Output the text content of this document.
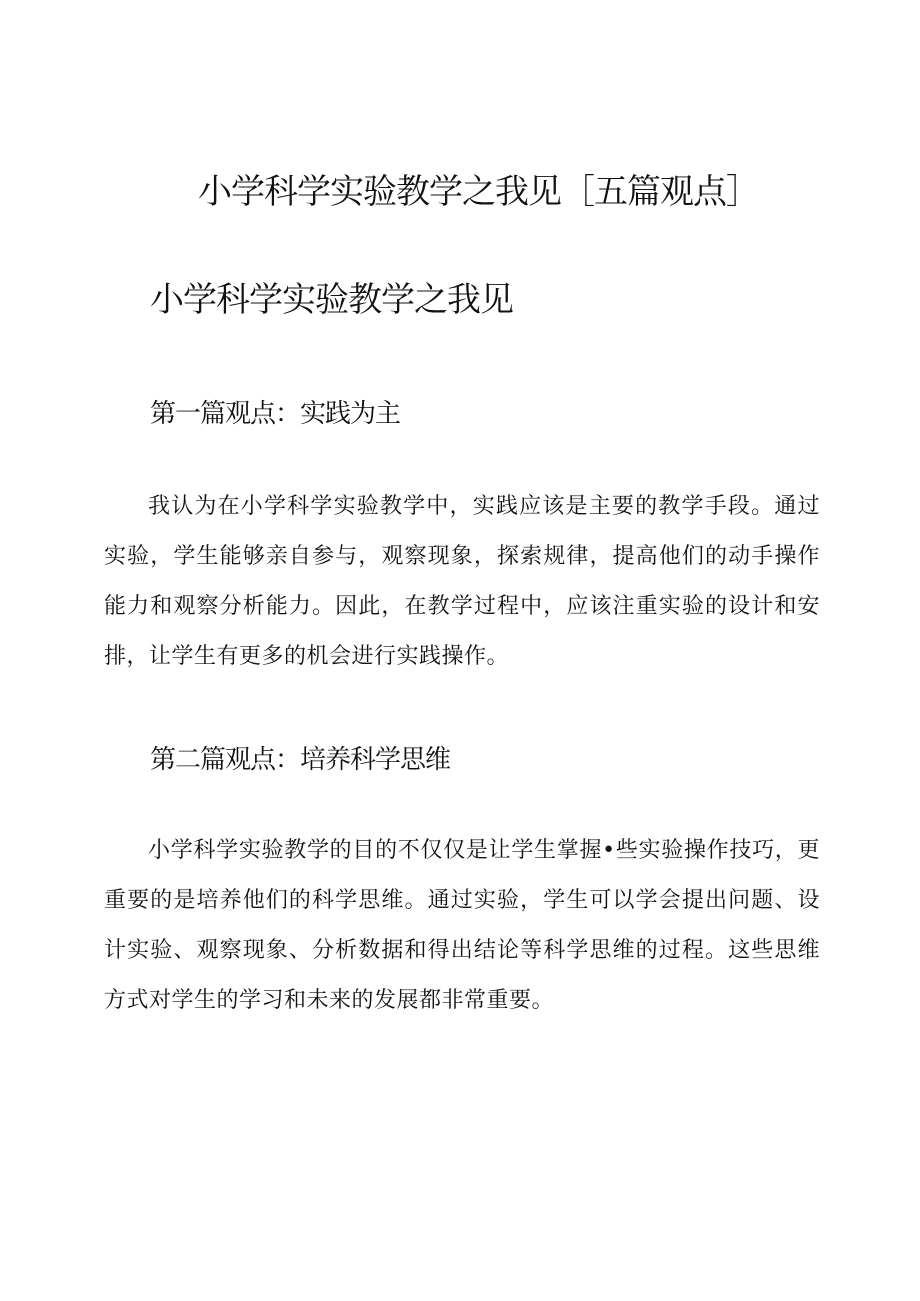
小学科学实验教学之我见［五篇观点］
小学科学实验教学之我见
第一篇观点：实践为主

我认为在小学科学实验教学中，实践应该是主要的教学手段。通过实验，学生能够亲自参与，观察现象，探索规律，提高他们的动手操作能力和观察分析能力。因此，在教学过程中，应该注重实验的设计和安排，让学生有更多的机会进行实践操作。

第二篇观点：培养科学思维

小学科学实验教学的目的不仅仅是让学生掌握•些实验操作技巧，更重要的是培养他们的科学思维。通过实验，学生可以学会提出问题、设计实验、观察现象、分析数据和得出结论等科学思维的过程。这些思维方式对学生的学习和未来的发展都非常重要。
